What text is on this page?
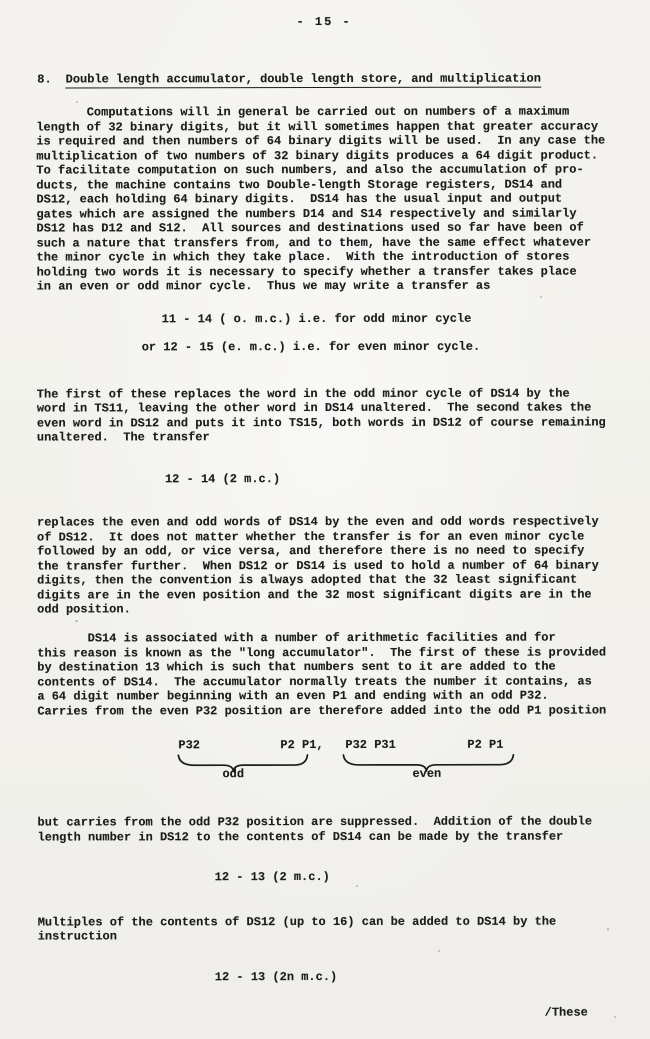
- 15 -
8. Double length accumulator, double length store, and multiplication
Computations will in general be carried out on numbers of a maximum
length of 32 binary digits, but it will sometimes happen that greater accuracy
is required and then numbers of 64 binary digits will be used.  In any case the
multiplication of two numbers of 32 binary digits produces a 64 digit product.
To facilitate computation on such numbers, and also the accumulation of pro-
ducts, the machine contains two Double-length Storage registers, DS14 and
DS12, each holding 64 binary digits.  DS14 has the usual input and output
gates which are assigned the numbers D14 and S14 respectively and similarly
DS12 has D12 and S12.  All sources and destinations used so far have been of
such a nature that transfers from, and to them, have the same effect whatever
the minor cycle in which they take place.  With the introduction of stores
holding two words it is necessary to specify whether a transfer takes place
in an even or odd minor cycle.  Thus we may write a transfer as
11 - 14 ( o. m.c.) i.e. for odd minor cycle
or 12 - 15 (e. m.c.) i.e. for even minor cycle.
The first of these replaces the word in the odd minor cycle of DS14 by the
word in TS11, leaving the other word in DS14 unaltered.  The second takes the
even word in DS12 and puts it into TS15, both words in DS12 of course remaining
unaltered.  The transfer
12 - 14 (2 m.c.)
replaces the even and odd words of DS14 by the even and odd words respectively
of DS12.  It does not matter whether the transfer is for an even minor cycle
followed by an odd, or vice versa, and therefore there is no need to specify
the transfer further.  When DS12 or DS14 is used to hold a number of 64 binary
digits, then the convention is always adopted that the 32 least significant
digits are in the even position and the 32 most significant digits are in the
odd position.
DS14 is associated with a number of arithmetic facilities and for
this reason is known as the "long accumulator".  The first of these is provided
by destination 13 which is such that numbers sent to it are added to the
contents of DS14.  The accumulator normally treats the number it contains, as
a 64 digit number beginning with an even P1 and ending with an odd P32.
Carries from the even P32 position are therefore added into the odd P1 position
P32	P2 P1, P32 P31	P2 P1
odd	even
but carries from the odd P32 position are suppressed.  Addition of the double
length number in DS12 to the contents of DS14 can be made by the transfer
12 - 13 (2 m.c.)
Multiples of the contents of DS12 (up to 16) can be added to DS14 by the
instruction
12 - 13 (2n m.c.)
/These
